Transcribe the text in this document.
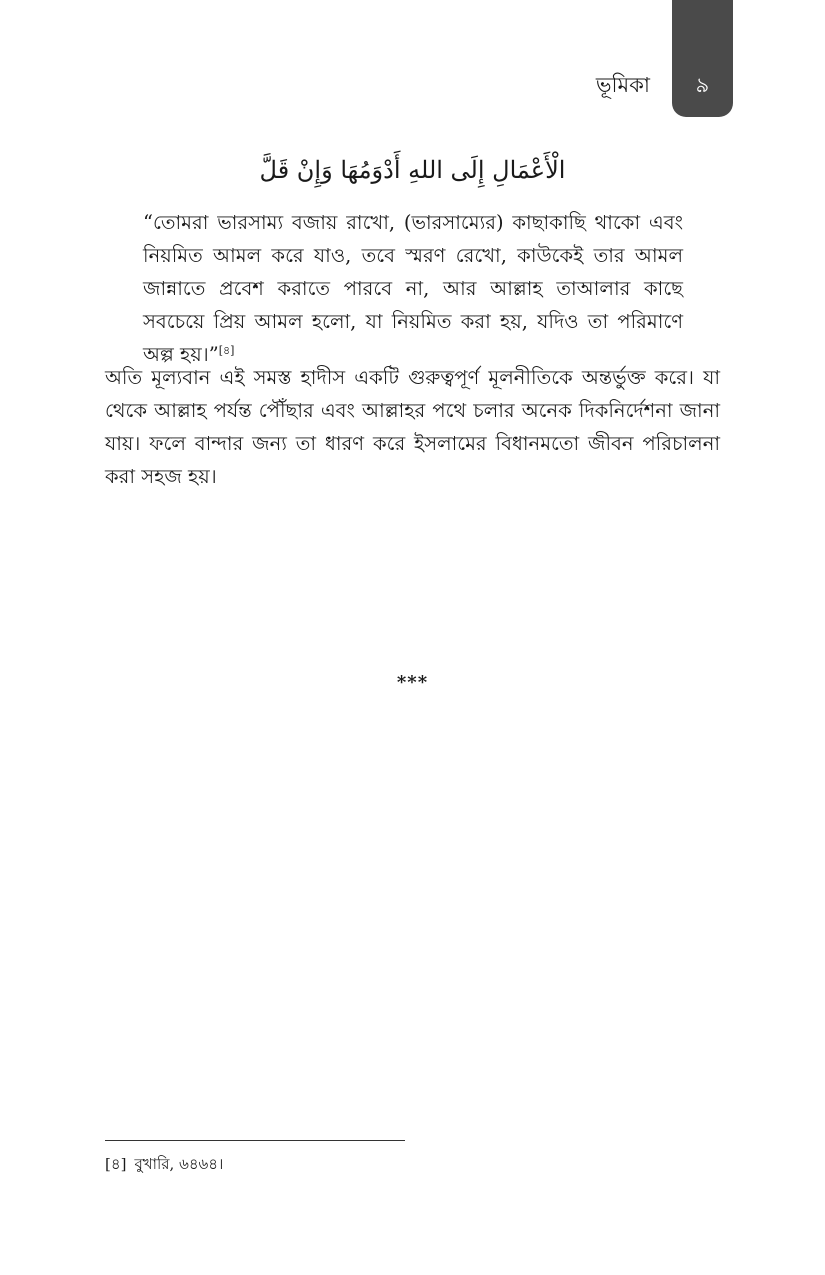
ভূমিকা	৯
الْأَعْمَالِ إِلَى اللهِ أَدْوَمُهَا وَإِنْ قَلَّ

“তোমরা ভারসাম্য বজায় রাখো, (ভারসাম্যের) কাছাকাছি থাকো এবং নিয়মিত আমল করে যাও, তবে স্মরণ রেখো, কাউকেই তার আমল জান্নাতে প্রবেশ করাতে পারবে না, আর আল্লাহ তাআলার কাছে সবচেয়ে প্রিয় আমল হলো, যা নিয়মিত করা হয়, যদিও তা পরিমাণে অল্প হয়।”[৪]

অতি মূল্যবান এই সমস্ত হাদীস একটি গুরুত্বপূর্ণ মূলনীতিকে অন্তর্ভুক্ত করে। যা থেকে আল্লাহ পর্যন্ত পৌঁছার এবং আল্লাহর পথে চলার অনেক দিকনির্দেশনা জানা যায়। ফলে বান্দার জন্য তা ধারণ করে ইসলামের বিধানমতো জীবন পরিচালনা করা সহজ হয়।

***
[৪] বুখারি, ৬৪৬৪।
